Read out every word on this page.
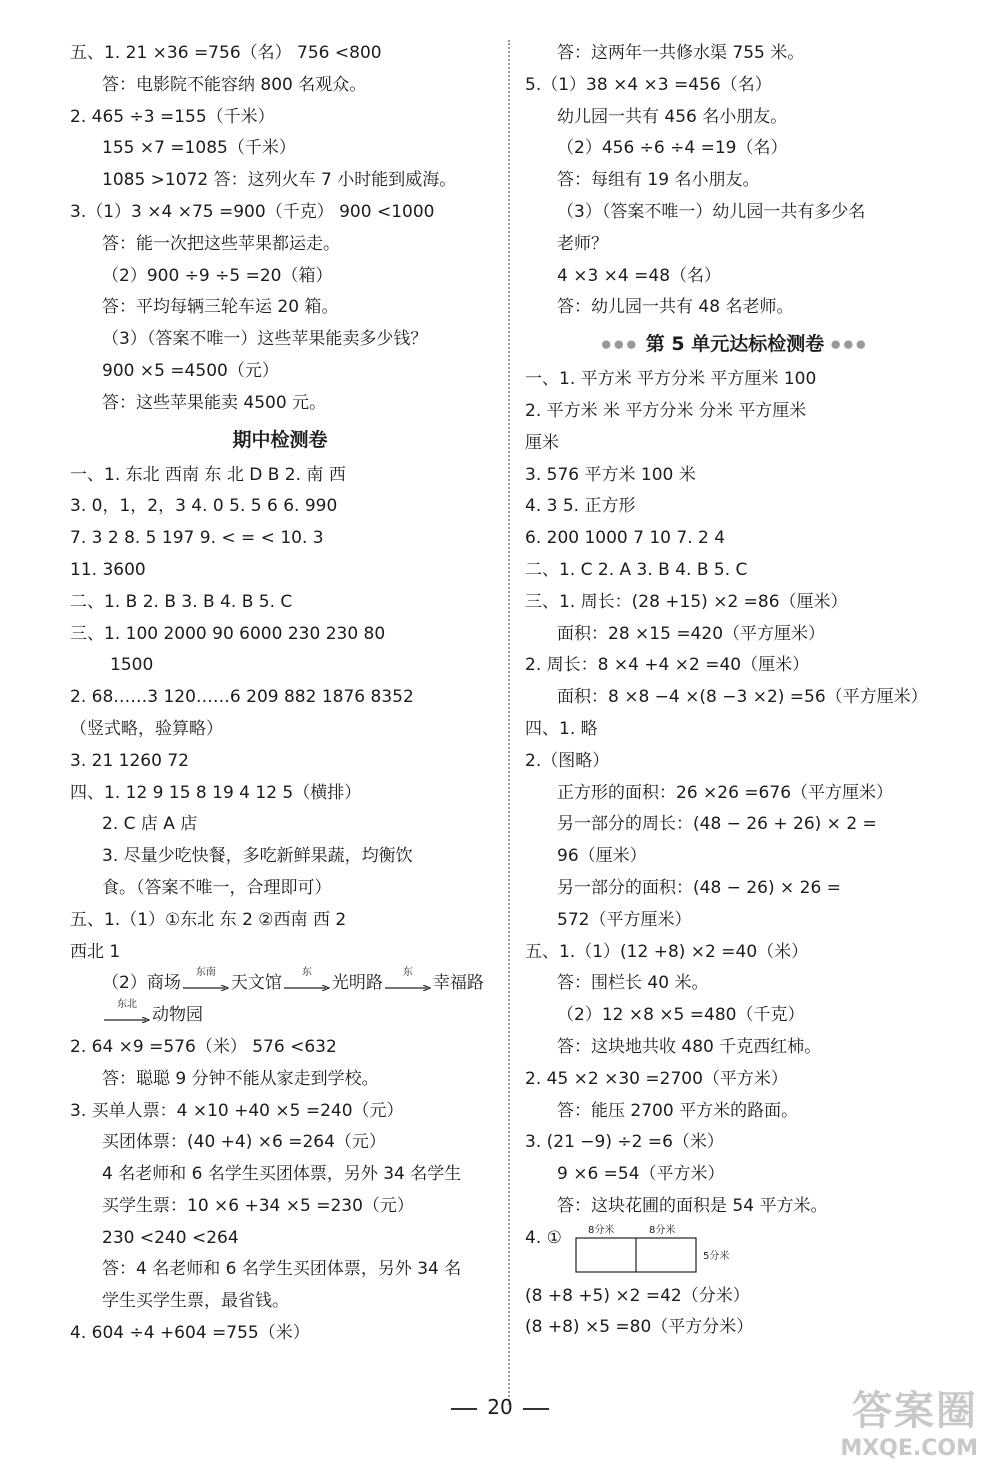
五、1. 21 ×36 =756（名） 756 <800
答：电影院不能容纳 800 名观众。
2. 465 ÷3 =155（千米）
155 ×7 =1085（千米）
1085 >1072 答：这列火车 7 小时能到威海。
3.（1）3 ×4 ×75 =900（千克） 900 <1000
答：能一次把这些苹果都运走。
（2）900 ÷9 ÷5 =20（箱）
答：平均每辆三轮车运 20 箱。
（3）（答案不唯一）这些苹果能卖多少钱？
900 ×5 =4500（元）
答：这些苹果能卖 4500 元。
期中检测卷
一、1. 东北 西南 东 北 D B 2. 南 西
3. 0，1，2，3 4. 0 5. 5 6 6. 990
7. 3 2 8. 5 197 9. < = < 10. 3
11. 3600
二、1. B 2. B 3. B 4. B 5. C
三、1. 100 2000 90 6000 230 230 80
1500
2. 68……3 120……6 209 882 1876 8352
（竖式略，验算略）
3. 21 1260 72
四、1. 12 9 15 8 19 4 12 5（横排）
2. C 店 A 店
3. 尽量少吃快餐，多吃新鲜果蔬，均衡饮
食。（答案不唯一，合理即可）
五、1.（1）①东北 东 2 ②西南 西 2
西北 1
（2）商场
东南
天文馆
东
光明路
东
幸福路
东北
动物园
2. 64 ×9 =576（米） 576 <632
答：聪聪 9 分钟不能从家走到学校。
3. 买单人票：4 ×10 +40 ×5 =240（元）
买团体票：(40 +4) ×6 =264（元）
4 名老师和 6 名学生买团体票，另外 34 名学生
买学生票：10 ×6 +34 ×5 =230（元）
230 <240 <264
答：4 名老师和 6 名学生买团体票，另外 34 名
学生买学生票，最省钱。
4. 604 ÷4 +604 =755（米）
答：这两年一共修水渠 755 米。
5.（1）38 ×4 ×3 =456（名）
幼儿园一共有 456 名小朋友。
（2）456 ÷6 ÷4 =19（名）
答：每组有 19 名小朋友。
（3）（答案不唯一）幼儿园一共有多少名
老师？
4 ×3 ×4 =48（名）
答：幼儿园一共有 48 名老师。
●●● 第 5 单元达标检测卷 ●●●
一、1. 平方米 平方分米 平方厘米 100
2. 平方米 米 平方分米 分米 平方厘米
厘米
3. 576 平方米 100 米
4. 3 5. 正方形
6. 200 1000 7 10 7. 2 4
二、1. C 2. A 3. B 4. B 5. C
三、1. 周长：(28 +15) ×2 =86（厘米）
面积：28 ×15 =420（平方厘米）
2. 周长：8 ×4 +4 ×2 =40（厘米）
面积：8 ×8 −4 ×(8 −3 ×2) =56（平方厘米）
四、1. 略
2.（图略）
正方形的面积：26 ×26 =676（平方厘米）
另一部分的周长：(48 − 26 + 26) × 2 =
96（厘米）
另一部分的面积：(48 − 26) × 26 =
572（平方厘米）
五、1.（1）(12 +8) ×2 =40（米）
答：围栏长 40 米。
（2）12 ×8 ×5 =480（千克）
答：这块地共收 480 千克西红柿。
2. 45 ×2 ×30 =2700（平方米）
答：能压 2700 平方米的路面。
3. (21 −9) ÷2 =6（米）
9 ×6 =54（平方米）
答：这块花圃的面积是 54 平方米。
4. ①	8分米	8分米
5分米
(8 +8 +5) ×2 =42（分米）
(8 +8) ×5 =80（平方分米）
20	答案圈
MXQE.COM
